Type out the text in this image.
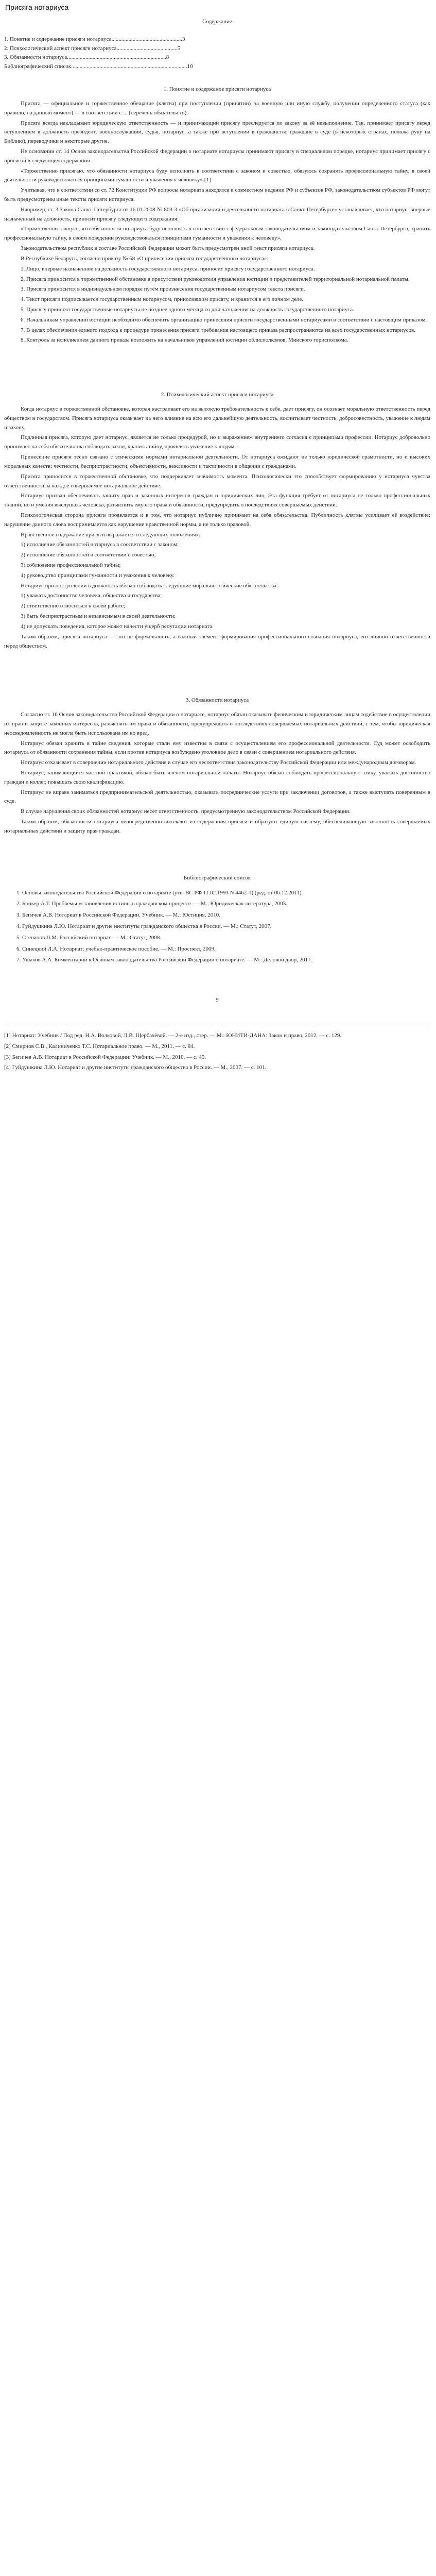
Присяга нотариуса

Содержание

1. Понятие и содержание присяги нотариуса..................................................3

2. Психологический аспект присяги нотариуса...........................................5

3. Обязанности нотариуса......................................................................8

Библиографический список..................................................................................10

1. Понятие и содержание присяги нотариуса

Присяга — официальное и торжественное обещание (клятва) при поступлении (принятии) на военную или иную службу, получении определенного статуса (как правило, на данный момент) — в соответствии с ... (перечень обязательств).

Присяга всегда накладывает юридическую ответственность — и принимающий присягу преследуется по закону за её невыполнение. Так, принимает присягу перед вступлением в должность президент, военнослужащий, судья, нотариус, а также при вступлении в гражданство граждане в суде (в некоторых странах, положа руку на Библию), переводчики и некоторые другие.

Не основании ст. 14 Основ законодательства Российской Федерации о нотариате нотариусы принимают присягу в специальном порядке, нотариус принимает присягу с присягой в следующем содержании:

«Торжественно присягаю, что обязанности нотариуса буду исполнять в соответствии с законом и совестью, обязуюсь сохранять профессиональную тайну, в своей деятельности руководствоваться принципами гуманности и уважения к человеку».[1]

Учитывая, что в соответствии со ст. 72 Конституции РФ вопросы нотариата находятся в совместном ведении РФ и субъектов РФ, законодательством субъектов РФ могут быть предусмотрены иные тексты присяги нотариуса.

Например, ст. 3 Закона Санкт-Петербурга от 16.01.2008 № 803-3 «Об организации и деятельности нотариата в Санкт-Петербурге» устанавливает, что нотариус, впервые назначенный на должность, приносит присягу следующего содержания:

«Торжественно клянусь, что обязанности нотариуса буду исполнять в соответствии с федеральным законодательством и законодательством Санкт-Петербурга, хранить профессиональную тайну, в своем поведении руководствоваться принципами гуманности и уважения к человеку».

Законодательством республик в составе Российской Федерации может быть предусмотрен иной текст присяги нотариуса.

В Республике Беларусь, согласно приказу № 68 «О принесении присяги государственного нотариуса»:

1. Лицо, впервые назначенное на должность государственного нотариуса, приносит присягу государственного нотариуса.

2. Присяга приносится в торжественной обстановке в присутствии руководителя управления юстиции и представителей территориальной нотариальной палаты.

3. Присяга приносится в индивидуальном порядке путём произнесения государственным нотариусом текста присяги.

4. Текст присяги подписывается государственным нотариусом, приносившим присягу, и хранится в его личном деле.

5. Присягу приносят государственные нотариусы не позднее одного месяца со дня назначения на должность государственного нотариуса.

6. Начальникам управлений юстиции необходимо обеспечить организацию принесения присяги государственными нотариусами в соответствии с настоящим приказом.

7. В целях обеспечения единого подхода к процедуре принесения присяги требования настоящего приказа распространяются на всех государственных нотариусов.

8. Контроль за исполнением данного приказа возложить на начальников управлений юстиции облисполкомов, Минского горисполкома.

2. Психологический аспект присяги нотариуса

Когда нотариус в торжественной обстановке, которая настраивает его на высокую требовательность к себе, дает присягу, он осознает моральную ответственность перед обществом и государством. Присяга нотариуса оказывает на него влияние на всю его дальнейшую деятельность, воспитывает честность, добросовестность, уважение к людям и закону.

Подлинная присяга, которую дает нотариус, является не только процедурой, но и выражением внутреннего согласия с принципами профессии. Нотариус добровольно принимает на себя обязательства соблюдать закон, хранить тайну, проявлять уважение к людям.

Принесение присяги тесно связано с этическими нормами нотариальной деятельности. От нотариуса ожидают не только юридической грамотности, но и высоких моральных качеств: честности, беспристрастности, объективности, вежливости и тактичности в общении с гражданами.

Присяга приносится в торжественной обстановке, что подчеркивает значимость момента. Психологически это способствует формированию у нотариуса чувства ответственности за каждое совершаемое нотариальное действие.

Нотариус призван обеспечивать защиту прав и законных интересов граждан и юридических лиц. Эта функция требует от нотариуса не только профессиональных знаний, но и умения выслушать человека, разъяснить ему его права и обязанности, предупредить о последствиях совершаемых действий.

Психологическая сторона присяги проявляется и в том, что нотариус публично принимает на себя обязательства. Публичность клятвы усиливает её воздействие: нарушение данного слова воспринимается как нарушение нравственной нормы, а не только правовой.

Нравственное содержание присяги выражается в следующих положениях:

1) исполнение обязанностей нотариуса в соответствии с законом;

2) исполнение обязанностей в соответствии с совестью;

3) соблюдение профессиональной тайны;

4) руководство принципами гуманности и уважения к человеку.

Нотариус при поступлении в должность обязан соблюдать следующие морально-этические обязательства:

1) уважать достоинство человека, общества и государства;

2) ответственно относиться к своей работе;

3) быть беспристрастным и независимым в своей деятельности;

4) не допускать поведения, которое может нанести ущерб репутации нотариата.

Таким образом, присяга нотариуса — это не формальность, а важный элемент формирования профессионального сознания нотариуса, его личной ответственности перед обществом.

3. Обязанности нотариуса

Согласно ст. 16 Основ законодательства Российской Федерации о нотариате, нотариус обязан оказывать физическим и юридическим лицам содействие в осуществлении их прав и защите законных интересов, разъяснять им права и обязанности, предупреждать о последствиях совершаемых нотариальных действий, с тем, чтобы юридическая неосведомленность не могла быть использована им во вред.

Нотариус обязан хранить в тайне сведения, которые стали ему известны в связи с осуществлением его профессиональной деятельности. Суд может освободить нотариуса от обязанности сохранения тайны, если против нотариуса возбуждено уголовное дело в связи с совершением нотариального действия.

Нотариус отказывает в совершении нотариального действия в случае его несоответствия законодательству Российской Федерации или международным договорам.

Нотариус, занимающийся частной практикой, обязан быть членом нотариальной палаты. Нотариус обязан соблюдать профессиональную этику, уважать достоинство граждан и коллег, повышать свою квалификацию.

Нотариус не вправе заниматься предпринимательской деятельностью, оказывать посреднические услуги при заключении договоров, а также выступать поверенным в суде.

В случае нарушения своих обязанностей нотариус несет ответственность, предусмотренную законодательством Российской Федерации.

Таким образом, обязанности нотариуса непосредственно вытекают из содержания присяги и образуют единую систему, обеспечивающую законность совершаемых нотариальных действий и защиту прав граждан.

Библиографический список

1. Основы законодательства Российской Федерации о нотариате (утв. ВС РФ 11.02.1993 N 4462-1) (ред. от 06.12.2011).

2. Бонкер А.Т. Проблемы установления истины в гражданском процессе. — М.: Юридическая литература, 2003.

3. Бегичев А.В. Нотариат в Российской Федерации. Учебник. — М.: Юстиция, 2010.

4. Гуйдушкина Л.Ю. Нотариат и другие институты гражданского общества в России. — М.: Статут, 2007.

5. Степанов Л.М. Российский нотариат. — М.: Статут, 2008.

6. Синецкий Л.А. Нотариат: учебно-практическое пособие. — М.: Проспект, 2009.

7. Ушаков А.А. Комментарий к Основам законодательства Российской Федерации о нотариате. — М.: Деловой двор, 2011.

9

[1] Нотариат: Учебник / Под ред. Н.А. Волковой, Л.В. Щербачёвой. — 2-е изд., стер. — М.: ЮНИТИ-ДАНА: Закон и право, 2012. — с. 129.

[2] Смирнов С.В., Калиниченко Т.С. Нотариальное право. — М., 2011. — с. 84.

[3] Бегичев А.В. Нотариат в Российской Федерации: Учебник. — М., 2010. — с. 45.

[4] Гуйдушкина Л.Ю. Нотариат и другие институты гражданского общества в России. — М., 2007. — с. 101.
